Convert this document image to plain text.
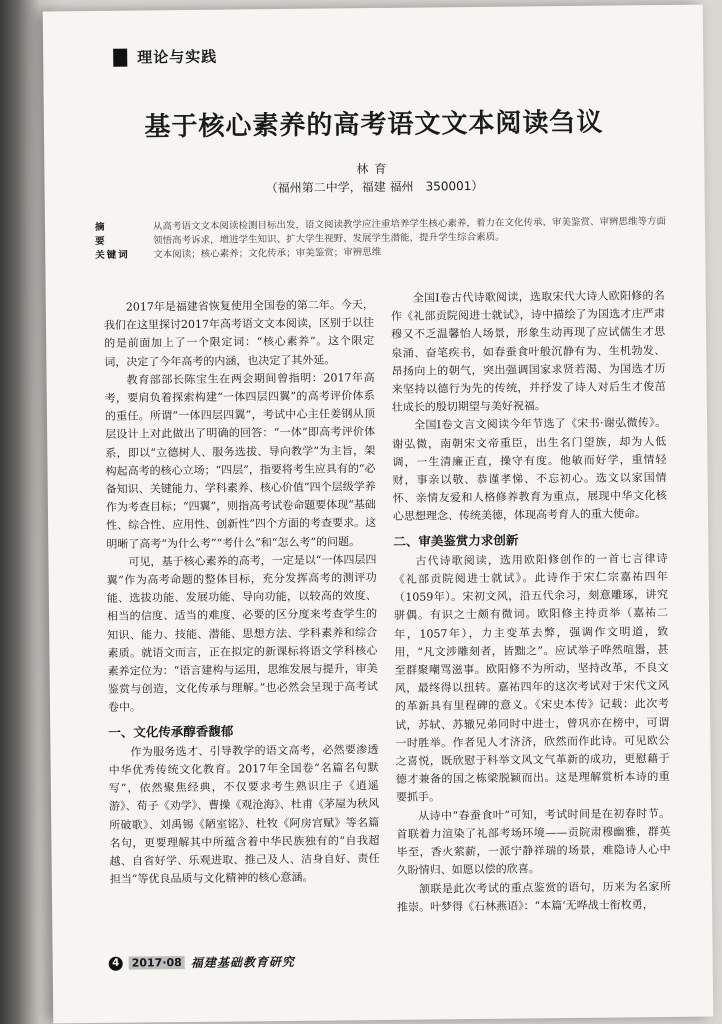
理论与实践
基于核心素养的高考语文文本阅读刍议
林育
（福州第二中学，福建 福州　350001）
摘　要
从高考语文文本阅读检测目标出发，语文阅读教学应注重培养学生核心素养，着力在文化传承、审美鉴赏、审辨思维等方面领悟高考诉求，增进学生知识、扩大学生视野、发展学生潜能，提升学生综合素质。
关键词	文本阅读；核心素养；文化传承；审美鉴赏；审辨思维

2017年是福建省恢复使用全国卷的第二年。今天，我们在这里探讨2017年高考语文文本阅读，区别于以往的是前面加上了一个限定词：“核心素养”。这个限定词，决定了今年高考的内涵，也决定了其外延。

教育部部长陈宝生在两会期间曾指明：2017年高考，要肩负着探索构建“一体四层四翼”的高考评价体系的重任。所谓“一体四层四翼”，考试中心主任姜钢从顶层设计上对此做出了明确的回答：“一体”即高考评价体系，即以“立德树人、服务选拔、导向教学”为主旨，架构起高考的核心立场；“四层”，指要将考生应具有的“必备知识、关键能力、学科素养、核心价值”四个层级学养作为考查目标；“四翼”，则指高考试卷命题要体现“基础性、综合性、应用性、创新性”四个方面的考查要求。这明晰了高考“为什么考”“考什么”和“怎么考”的问题。

可见，基于核心素养的高考，一定是以“一体四层四翼”作为高考命题的整体目标，充分发挥高考的测评功能、选拔功能、发展功能、导向功能，以较高的效度、相当的信度、适当的难度、必要的区分度来考查学生的知识、能力、技能、潜能、思想方法、学科素养和综合素质。就语文而言，正在拟定的新课标将语文学科核心素养定位为：“语言建构与运用，思维发展与提升，审美鉴赏与创造，文化传承与理解。”也必然会呈现于高考试卷中。

一、文化传承醇香馥郁

作为服务选才、引导教学的语文高考，必然要渗透中华优秀传统文化教育。2017年全国卷“名篇名句默写”，依然聚焦经典，不仅要求考生熟识庄子《逍遥游》、荀子《劝学》、曹操《观沧海》、杜甫《茅屋为秋风所破歌》、刘禹锡《陋室铭》、杜牧《阿房宫赋》等名篇名句，更要理解其中所蕴含着中华民族独有的“自我超越、自省好学、乐观进取、推己及人、洁身自好、责任担当”等优良品质与文化精神的核心意涵。

全国Ⅰ卷古代诗歌阅读，选取宋代大诗人欧阳修的名作《礼部贡院阅进士就试》，诗中描绘了为国选才庄严肃穆又不乏温馨怡人场景，形象生动再现了应试儒生才思泉涌、奋笔疾书，如春蚕食叶般沉静有为、生机勃发、昂扬向上的朝气，突出强调国家求贤若渴、为国选才历来坚持以德行为先的传统，并抒发了诗人对后生才俊茁壮成长的殷切期望与美好祝福。

全国Ⅰ卷文言文阅读今年节选了《宋书·谢弘微传》。谢弘微，南朝宋文帝重臣，出生名门望族，却为人低调，一生清廉正直，操守有度。他敏而好学，重情轻财，事亲以敬、恭谨孝悌、不忘初心。选文以家国情怀、亲情友爱和人格修养教育为重点，展现中华文化核心思想理念、传统美德，体现高考育人的重大使命。

二、审美鉴赏力求创新

古代诗歌阅读，选用欧阳修创作的一首七言律诗《礼部贡院阅进士就试》。此诗作于宋仁宗嘉祐四年（1059年）。宋初文风，沿五代余习，刻意雕琢，讲究骈偶。有识之士颇有微词。欧阳修主持贡举（嘉祐二年，1057年），力主变革去弊，强调作文明道，致用，“凡文涉雕刻者，皆黜之”。应试举子哗然喧嚣，甚至群聚嘲骂滋事。欧阳修不为所动，坚持改革，不良文风，最终得以扭转。嘉祐四年的这次考试对于宋代文风的革新具有里程碑的意义。《宋史本传》记载：此次考试，苏轼、苏辙兄弟同时中进士，曾巩亦在榜中，可谓一时胜举。作者见人才济济，欣然而作此诗。可见欧公之喜悦，既欣慰于科举文风文气革新的成功，更慰藉于德才兼备的国之栋梁脱颖而出。这是理解赏析本诗的重要抓手。

从诗中“春蚕食叶”可知，考试时间是在初春时节。首联着力渲染了礼部考场环境——贡院肃穆幽雅，群英毕至，香火萦薪，一派宁静祥瑞的场景，难隐诗人心中久盼情归、如愿以偿的欣喜。

颔联是此次考试的重点鉴赏的语句，历来为名家所推崇。叶梦得《石林燕语》：“本篇‘无哗战士衔枚勇，

4	2017·08 福建基础教育研究
